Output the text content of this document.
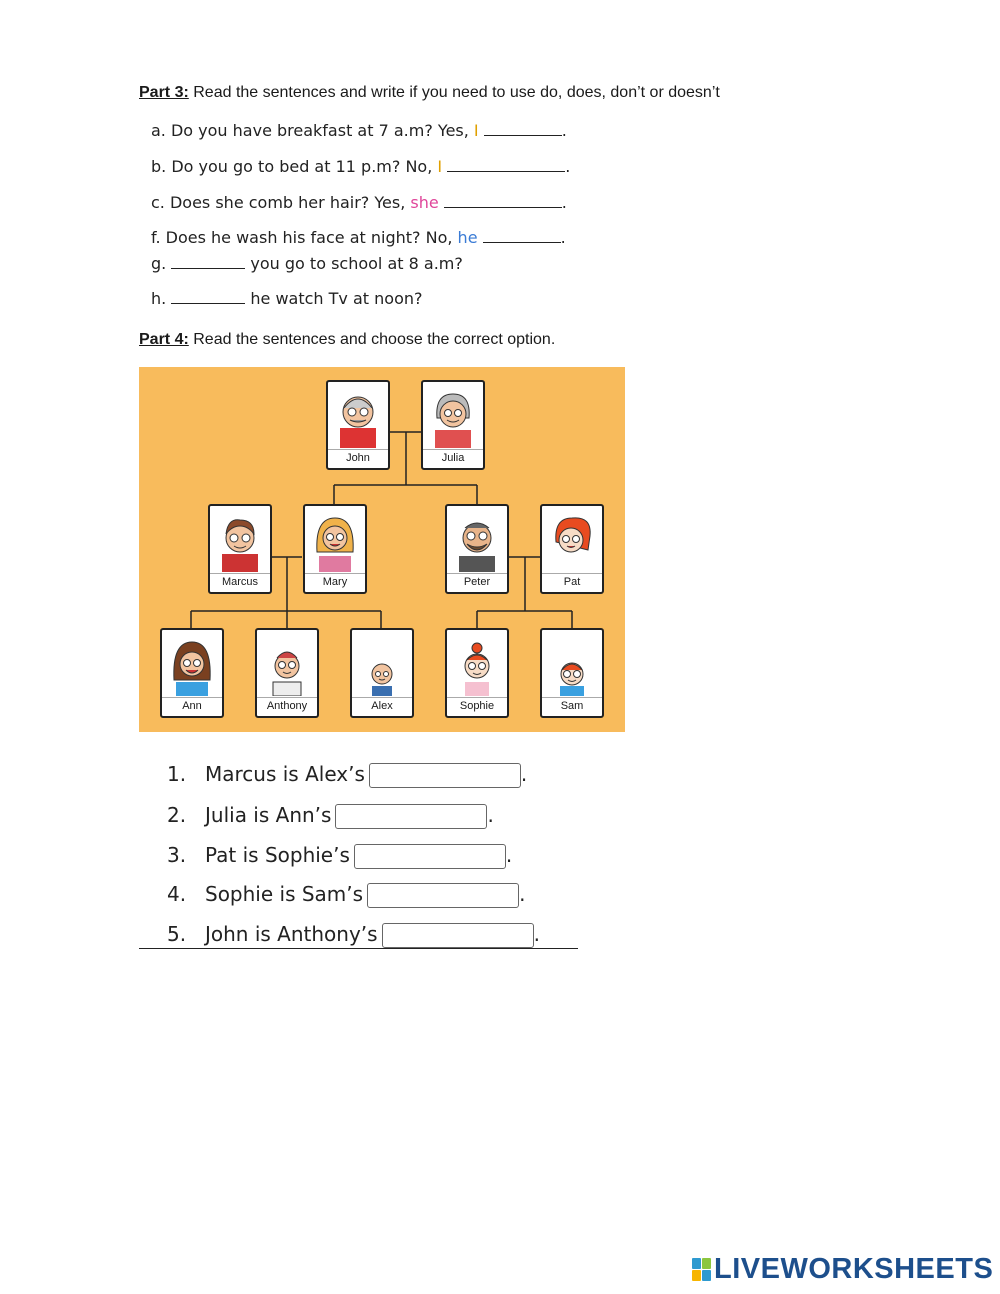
Part 3: Read the sentences and write if you need to use do, does, don’t or doesn’t
a. Do you have breakfast at 7 a.m? Yes, I	.
b. Do you go to bed at 11 p.m? No, I	.
c. Does she comb her hair? Yes, she	.
f. Does he wash his face at night? No, he	.
g.	you go to school at 8 a.m?
h.	he watch Tv at noon?
Part 4: Read the sentences and choose the correct option.
John	Julia
Marcus	Mary	Peter	Pat
Ann	Anthony	Alex	Sophie	Sam
1. Marcus is Alex’s	.
2. Julia is Ann’s	.
3. Pat is Sophie’s	.
4. Sophie is Sam’s	.
5. John is Anthony’s	.
LIVEWORKSHEETS
